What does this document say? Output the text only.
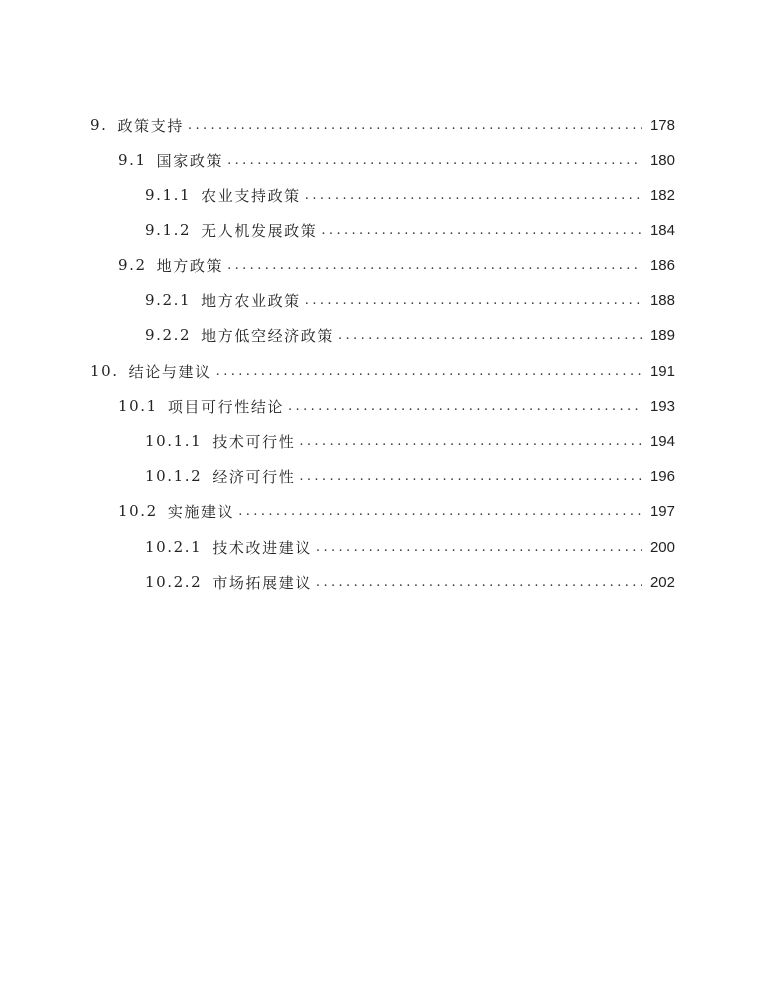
9. 政策支持 .....	178
9.1 国家政策 .....	180
9.1.1 农业支持政策 .....	182
9.1.2 无人机发展政策 .....	184
9.2 地方政策 .....	186
9.2.1 地方农业政策 .....	188
9.2.2 地方低空经济政策 .....	189
10. 结论与建议 .....	191
10.1 项目可行性结论 .....	193
10.1.1 技术可行性 .....	194
10.1.2 经济可行性 .....	196
10.2 实施建议 .....	197
10.2.1 技术改进建议 .....	200
10.2.2 市场拓展建议 .....	202
